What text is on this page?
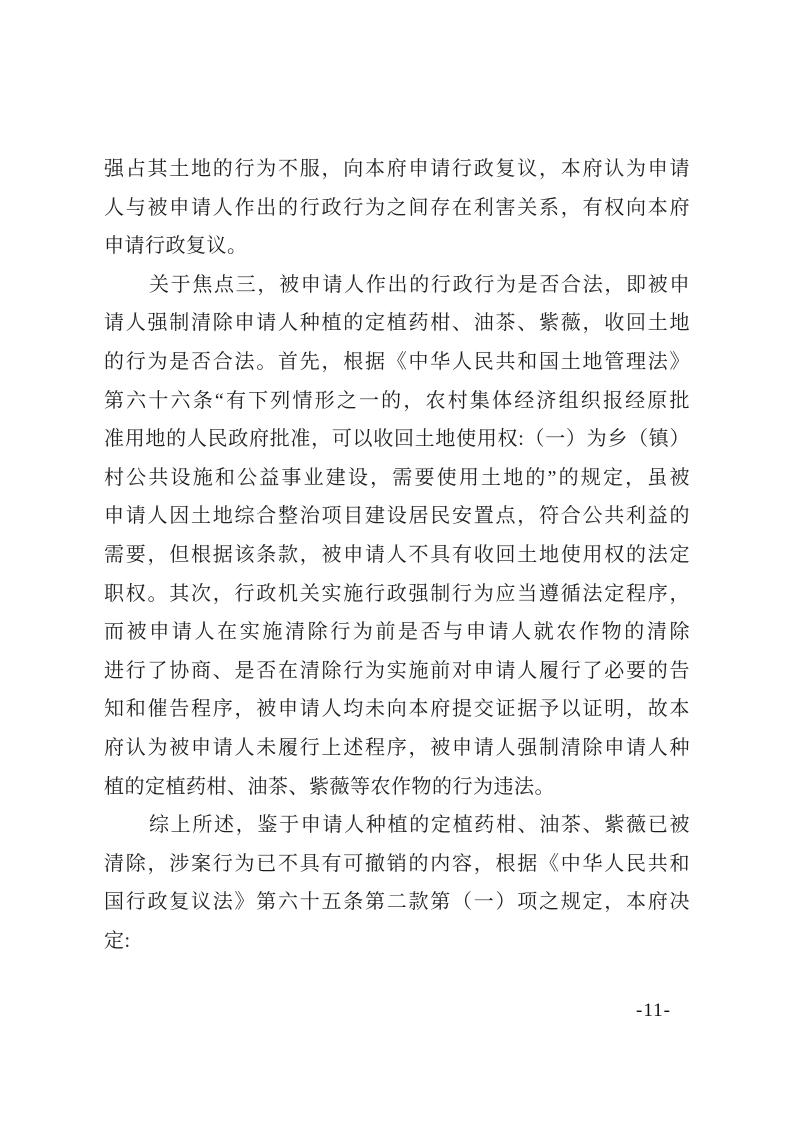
强占其土地的行为不服，向本府申请行政复议，本府认为申请
人与被申请人作出的行政行为之间存在利害关系，有权向本府
申请行政复议。
关于焦点三，被申请人作出的行政行为是否合法，即被申
请人强制清除申请人种植的定植药柑、油茶、紫薇，收回土地
的行为是否合法。首先，根据《中华人民共和国土地管理法》
第六十六条“有下列情形之一的，农村集体经济组织报经原批
准用地的人民政府批准，可以收回土地使用权:（一）为乡（镇）
村公共设施和公益事业建设，需要使用土地的”的规定，虽被
申请人因土地综合整治项目建设居民安置点，符合公共利益的
需要，但根据该条款，被申请人不具有收回土地使用权的法定
职权。其次，行政机关实施行政强制行为应当遵循法定程序，
而被申请人在实施清除行为前是否与申请人就农作物的清除
进行了协商、是否在清除行为实施前对申请人履行了必要的告
知和催告程序，被申请人均未向本府提交证据予以证明，故本
府认为被申请人未履行上述程序，被申请人强制清除申请人种
植的定植药柑、油茶、紫薇等农作物的行为违法。
综上所述，鉴于申请人种植的定植药柑、油茶、紫薇已被
清除，涉案行为已不具有可撤销的内容，根据《中华人民共和
国行政复议法》第六十五条第二款第（一）项之规定，本府决
定:
-11-
